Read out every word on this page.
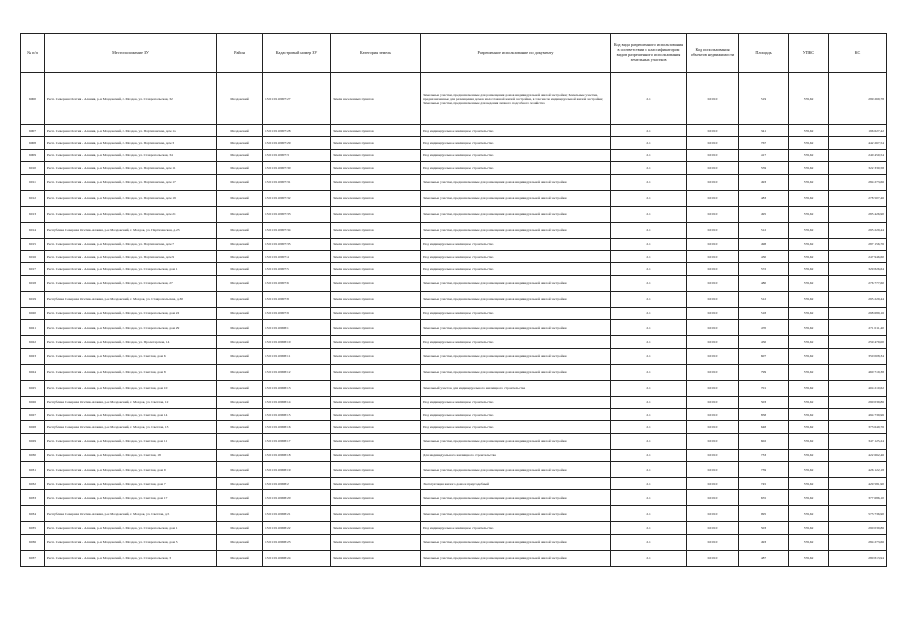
№ п/п	Местоположение ЗУ	Район	Кадастровый номер ЗУ	Категория земель	Разрешенное использование по документу	Код вида разрешенного использования в соответствии с классификатором видов разрешенного использования земельных участков	Код использования объектов недвижимости	Площадь	УПКС	КС
6000	Респ. Северная Осетия - Алания, р-н Моздокский, г. Моздок, ул. Ставропольская, 32	Моздокский	15:01:0110007:27	Земли населенных пунктов	Земельные участки, предназначенные для размещения домов индивидуальной жилой застройки; Земельные участки, предназначенные для размещения домов малоэтажной жилой застройки, в том числе индивидуальной жилой застройки; Земельные участки, предназначенные для ведения личного подсобного хозяйства	2.1	02:010	519	576,62	299 269,78
6007	Респ. Северная Осетия - Алания, р-н Моздокский, г. Моздок, ул. Партизанская, дом 1а	Моздокский	15:01:0110007:28	Земли населенных пунктов	Под индивидуальное жилищное строительство	2.1	02:010	341	576,62	196 627,42
6008	Респ. Северная Осетия - Алания, р-н Моздокский, г. Моздок, ул. Партизанская, дом 3	Моздокский	15:01:0110007:29	Земли населенных пунктов	Под индивидуальное жилищное строительство	2.1	02:010	767	576,62	442 267,54
6009	Респ. Северная Осетия - Алания, р-н Моздокский, г. Моздок, ул. Ставропольская, 34	Моздокский	15:01:0110007:3	Земли населенных пунктов	Под индивидуальное жилищное строительство	2.1	02:010	417	576,62	240 450,54
6010	Респ. Северная Осетия - Алания, р-н Моздокский, г. Моздок, ул. Партизанская, дом 11	Моздокский	15:01:0110007:30	Земли населенных пунктов	Под индивидуальное жилищное строительство	2.1	02:010	559	576,62	322 330,58
6011	Респ. Северная Осетия - Алания, р-н Моздокский, г. Моздок, ул. Партизанская, дом 17	Моздокский	15:01:0110007:31	Земли населенных пунктов	Земельные участки, предназначенные для размещения домов индивидуальной жилой застройки	2.1	02:010	493	576,62	284 273,66
6012	Респ. Северная Осетия - Алания, р-н Моздокский, г. Моздок, ул. Партизанская, дом 19	Моздокский	15:01:0110007:32	Земли населенных пунктов	Земельные участки, предназначенные для размещения домов индивидуальной жилой застройки	2.1	02:010	483	576,62	278 507,46
6013	Респ. Северная Осетия - Алания, р-н Моздокский, г. Моздок, ул. Партизанская, дом 21	Моздокский	15:01:0110007:33	Земли населенных пунктов	Земельные участки, предназначенные для размещения домов индивидуальной жилой застройки	2.1	02:010	495	576,62	285 426,90
6014	Республика Северная Осетия-Алания, р-н Моздокский, г. Моздок, ул. Партизанская, д.23	Моздокский	15:01:0110007:34	Земли населенных пунктов	Земельные участки, предназначенные для размещения домов индивидуальной жилой застройки	2.1	02:010	512	576,62	295 229,44
6015	Респ. Северная Осетия - Алания, р-н Моздокский, г. Моздок, ул. Партизанская, дом 7	Моздокский	15:01:0110007:35	Земли населенных пунктов	Под индивидуальное жилищное строительство	2.1	02:010	498	576,62	287 156,76
6016	Респ. Северная Осетия - Алания, р-н Моздокский, г. Моздок, ул. Партизанская, дом 9	Моздокский	15:01:0110007:4	Земли населенных пунктов	Под индивидуальное жилищное строительство	2.1	02:010	430	576,62	247 946,60
6017	Респ. Северная Осетия - Алания, р-н Моздокский, г. Моздок, ул. Ставропольская, дом 1	Моздокский	15:01:0110007:5	Земли населенных пунктов	Под индивидуальное жилищное строительство	2.1	02:010	572	576,62	329 826,64
6018	Респ. Северная Осетия - Алания, р-н Моздокский, г. Моздок, ул. Ставропольская, 27	Моздокский	15:01:0110007:6	Земли населенных пунктов	Земельные участки, предназначенные для размещения домов индивидуальной жилой застройки	2.1	02:010	480	576,62	276 777,60
6019	Республика Северная Осетия-Алания, р-н Моздокский, г. Моздок, ул. Ставропольская, д.30	Моздокский	15:01:0110007:8	Земли населенных пунктов	Земельные участки, предназначенные для размещения домов индивидуальной жилой застройки	2.1	02:010	512	576,62	295 229,44
6020	Респ. Северная Осетия - Алания, р-н Моздокский, г. Моздок, ул. Ставропольская, дом 22	Моздокский	15:01:0110007:9	Земли населенных пунктов	Под индивидуальное жилищное строительство	2.1	02:010	518	576,62	298 689,16
6021	Респ. Северная Осетия - Алания, р-н Моздокский, г. Моздок, ул. Ставропольская, дом 29	Моздокский	15:01:0110008:1	Земли населенных пунктов	Земельные участки, предназначенные для размещения домов индивидуальной жилой застройки	2.1	02:010	470	576,62	271 011,40
6022	Респ. Северная Осетия - Алания, р-н Моздокский, г. Моздок, ул. Пролетарская, 14	Моздокский	15:01:0110008:10	Земли населенных пунктов	Под индивидуальное жилищное строительство	2.1	02:010	450	576,62	259 479,00
6023	Респ. Северная Осетия - Алания, р-н Моздокский, г. Моздок, ул. Светлая, дом 6	Моздокский	15:01:0110008:11	Земли населенных пунктов	Земельные участки, предназначенные для размещения домов индивидуальной жилой застройки	2.1	02:010	607	576,62	350 008,34
6024	Респ. Северная Осетия - Алания, р-н Моздокский, г. Моздок, ул. Светлая, дом 8	Моздокский	15:01:0110008:12	Земли населенных пунктов	Земельные участки, предназначенные для размещения домов индивидуальной жилой застройки	2.1	02:010	799	576,62	460 719,38
6025	Респ. Северная Осетия - Алания, р-н Моздокский, г. Моздок, ул. Светлая, дом 10	Моздокский	15:01:0110008:13	Земли населенных пунктов	Земельный участок для индивидуального жилищного строительства	2.1	02:010	701	576,62	404 210,62
6026	Республика Северная Осетия-Алания, р-н Моздокский, г. Моздок, ул. Светлая, 12	Моздокский	15:01:0110008:14	Земли населенных пунктов	Под индивидуальное жилищное строительство	2.1	02:010	503	576,62	290 039,86
6027	Респ. Северная Осетия - Алания, р-н Моздокский, г. Моздок, ул. Светлая, дом 14	Моздокский	15:01:0110008:15	Земли населенных пунктов	Под индивидуальное жилищное строительство	2.1	02:010	858	576,62	494 739,96
6028	Республика Северная Осетия-Алания, р-н Моздокский, г. Моздок, ул. Светлая, 13	Моздокский	15:01:0110008:16	Земли населенных пунктов	Под индивидуальное жилищное строительство	2.1	02:010	648	576,62	373 649,76
6029	Респ. Северная Осетия - Алания, р-н Моздокский, г. Моздок, ул. Светлая, дом 11	Моздокский	15:01:0110008:17	Земли населенных пунктов	Земельные участки, предназначенные для размещения домов индивидуальной жилой застройки	2.1	02:010	602	576,62	347 125,24
6030	Респ. Северная Осетия - Алания, р-н Моздокский, г. Моздок, ул. Светлая, 18	Моздокский	15:01:0110008:18	Земли населенных пунктов	Для индивидуального жилищного строительства	2.1	02:010	733	576,62	422 662,46
6031	Респ. Северная Осетия - Алания, р-н Моздокский, г. Моздок, ул. Светлая, дом 9	Моздокский	15:01:0110008:19	Земли населенных пунктов	Земельные участки, предназначенные для размещения домов индивидуальной жилой застройки	2.1	02:010	739	576,62	426 122,18
6032	Респ. Северная Осетия - Алания, р-н Моздокский, г. Моздок, ул. Светлая, дом 7	Моздокский	15:01:0110008:2	Земли населенных пунктов	Эксплуатация жилого дома и приусадебный	2.1	02:010	745	576,62	429 581,90
6033	Респ. Северная Осетия - Алания, р-н Моздокский, г. Моздок, ул. Светлая, дом 17	Моздокский	15:01:0110008:20	Земли населенных пунктов	Земельные участки, предназначенные для размещения домов индивидуальной жилой застройки	2.1	02:010	655	576,62	377 686,10
6034	Республика Северная Осетия-Алания, р-н Моздокский, г. Моздок, ул. Светлая, д.5	Моздокский	15:01:0110008:21	Земли населенных пунктов	Земельные участки, предназначенные для размещения домов индивидуальной жилой застройки	2.1	02:010	995	576,62	573 736,90
6035	Респ. Северная Осетия - Алания, р-н Моздокский, г. Моздок, ул. Ставропольская, дом 1	Моздокский	15:01:0110008:22	Земли населенных пунктов	Под индивидуальное жилищное строительство	2.1	02:010	503	576,62	290 039,86
6036	Респ. Северная Осетия - Алания, р-н Моздокский, г. Моздок, ул. Ставропольская, дом 5	Моздокский	15:01:0110008:23	Земли населенных пунктов	Земельные участки, предназначенные для размещения домов индивидуальной жилой застройки	2.1	02:010	493	576,62	284 273,66
6037	Респ. Северная Осетия - Алания, р-н Моздокский, г. Моздок, ул. Ставропольская, 3	Моздокский	15:01:0110008:24	Земли населенных пунктов	Земельные участки, предназначенные для размещения домов индивидуальной жилой застройки	2.1	02:010	487	576,62	280 813,94
